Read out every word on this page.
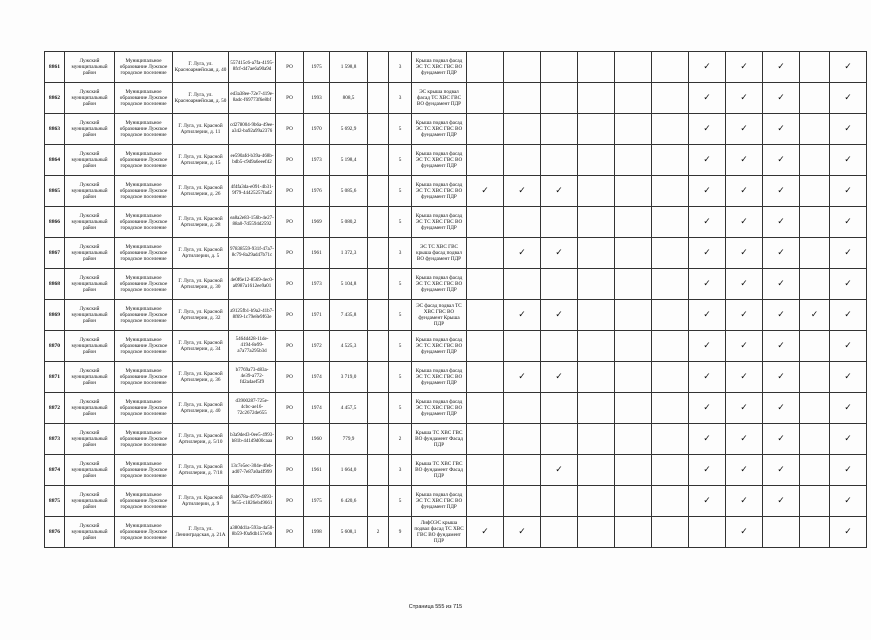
8861	Лужский муниципальный район	Муниципальное образование Лужское городское поселение	Г. Луга, ул. Красноармейская, д. 40	557415c6-a7fa-4195-8fcf-d47ae6a90a9d	РО	1975	1 598,8		3	Крыша подвал фасад ЭС ТС ХВС ГВС ВО фундамент ПДР							✓	✓	✓		✓
8862	Лужский муниципальный район	Муниципальное образование Лужское городское поселение	Г. Луга, ул. Красноармейская, д. 50	ed3a38ee-72e7-419e-8adc-f69773f6e8bf	РО	1993	808,5		3	ЭС крыша подвал фасад ТС ХВС ГВС ВО фундамент ПДР							✓	✓	✓		✓
8863	Лужский муниципальный район	Муниципальное образование Лужское городское поселение	Г. Луга, ул. Красной Артиллерии, д. 11	cd278004-9b6a-49ee-a342-ba92a99a2376	РО	1970	5 692,9		5	Крыша подвал фасад ЭС ТС ХВС ГВС ВО фундамент ПДР							✓	✓	✓		✓
8864	Лужский муниципальный район	Муниципальное образование Лужское городское поселение	Г. Луга, ул. Красной Артиллерии, д. 15	ee590afd-b39a-468b-bdb5-c9d9a6eeef42	РО	1973	5 198,4		5	Крыша подвал фасад ЭС ТС ХВС ГВС ВО фундамент ПДР							✓	✓	✓		✓
8865	Лужский муниципальный район	Муниципальное образование Лужское городское поселение	Г. Луга, ул. Красной Артиллерии, д. 26	4f4fa3da-e091-4b31-9f79-44425257fad2	РО	1976	5 085,6		5	Крыша подвал фасад ЭС ТС ХВС ГВС ВО фундамент ПДР	✓	✓	✓				✓	✓	✓		✓
8866	Лужский муниципальный район	Муниципальное образование Лужское городское поселение	Г. Луга, ул. Красной Артиллерии, д. 28	ea8a2e83-156b-4e27-88a0-7d5594d2592	РО	1969	5 080,2		5	Крыша подвал фасад ЭС ТС ХВС ГВС ВО фундамент ПДР							✓	✓	✓		✓
8867	Лужский муниципальный район	Муниципальное образование Лужское городское поселение	Г. Луга, ул. Красной Артиллерии, д. 5	97838559-931f-47a7-8c79-8a29ad47b71c	РО	1961	1 372,3		3	ЭС ТС ХВС ГВС крыша фасад подвал ВО фундамент ПДР		✓	✓				✓	✓	✓		✓
8868	Лужский муниципальный район	Муниципальное образование Лужское городское поселение	Г. Луга, ул. Красной Артиллерии, д. 30	4e0f6e12-8569-4ec0-a0987a1612ee9a01	РО	1973	5 104,8		5	Крыша подвал фасад ЭС ТС ХВС ГВС ВО фундамент ПДР							✓	✓	✓		✓
8869	Лужский муниципальный район	Муниципальное образование Лужское городское поселение	Г. Луга, ул. Красной Артиллерии, д. 32	a9125fb1-b9a2-41b7-8f69-1c79e8e9f63e	РО	1971	7 435,8		5	ЭС фасад подвал ТС ХВС ГВС ВО фундамент Крыша ПДР		✓	✓				✓	✓	✓	✓	✓
8870	Лужский муниципальный район	Муниципальное образование Лужское городское поселение	Г. Луга, ул. Красной Артиллерии, д. 34	5464d428-11de-4194-8e99-a7a77a295b3d	РО	1972	4 525,3		5	Крыша подвал фасад ЭС ТС ХВС ГВС ВО фундамент ПДР							✓	✓	✓		✓
8871	Лужский муниципальный район	Муниципальное образование Лужское городское поселение	Г. Луга, ул. Красной Артиллерии, д. 36	b7769a73-d83a-4e39-a772-fd2a4aef5f9	РО	1974	3 719,0		5	Крыша подвал фасад ЭС ТС ХВС ГВС ВО фундамент ПДР		✓	✓				✓	✓	✓		✓
8872	Лужский муниципальный район	Муниципальное образование Лужское городское поселение	Г. Луга, ул. Красной Артиллерии, д. 40	d3900287-725e-4cbc-ae16-72c2672de655	РО	1974	4 457,5		5	Крыша подвал фасад ЭС ТС ХВС ГВС ВО фундамент ПДР							✓	✓	✓		✓
8873	Лужский муниципальный район	Муниципальное образование Лужское городское поселение	Г. Луга, ул. Красной Артиллерии, д. 5/10	b3a9ded3-0ee5-4993-b81b-441d9d00caaa	РО	1960	779,9		2	Крыша ТС ХВС ГВС ВО фундамент Фасад ПДР							✓	✓	✓		✓
8874	Лужский муниципальный район	Муниципальное образование Лужское городское поселение	Г. Луга, ул. Красной Артиллерии, д. 7/18	13c7e5ec-304e-4feb-ad07-7e87a0a4f999	РО	1961	1 664,0		3	Крыша ТС ХВС ГВС ВО фундамент Фасад ПДР			✓				✓	✓	✓		✓
8875	Лужский муниципальный район	Муниципальное образование Лужское городское поселение	Г. Луга, ул. Красной Артиллерии, д. 9	8ab678a-4979-4693-9e55-c1826eb49661	РО	1975	6 420,6		5	Крыша подвал фасад ЭС ТС ХВС ГВС ВО фундамент ПДР							✓	✓	✓		✓
8876	Лужский муниципальный район	Муниципальное образование Лужское городское поселение	Г. Луга, ул. Ленинградская, д. 21А	a380dd1a-593a-4a50-8b59-f0a9db157e6b	РО	1998	5 608,1	2	9	ЛифОЭС крыша подвал фасад ТС ХВС ГВС ВО фундамент ПДР	✓	✓						✓			✓
Страница 555 из 715
